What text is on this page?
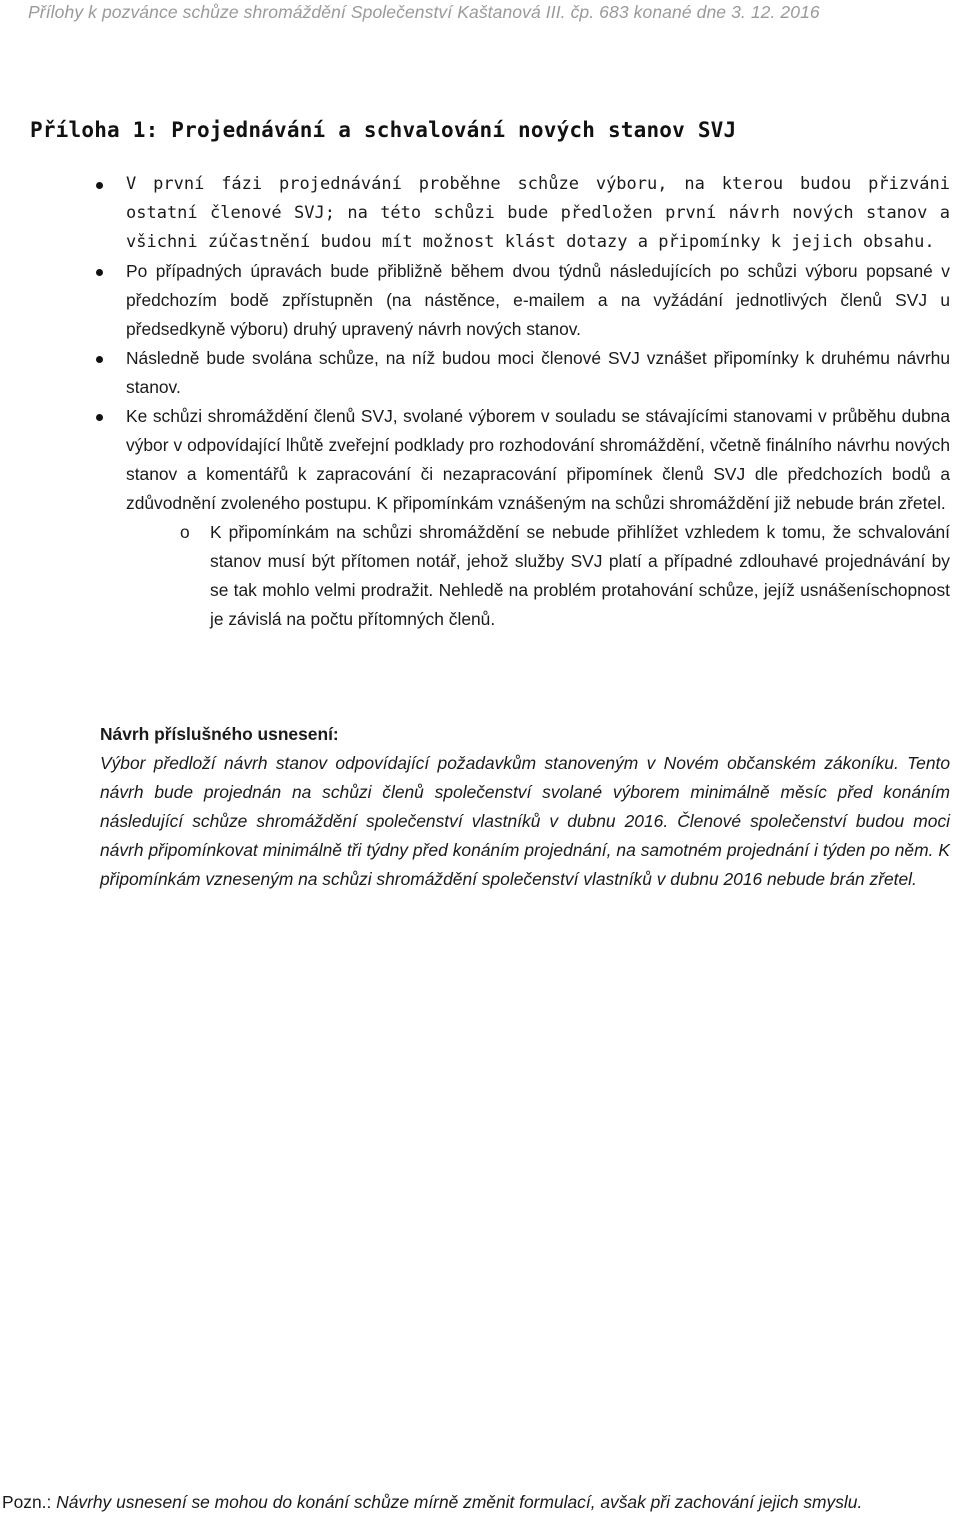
Přílohy k pozvánce schůze shromáždění Společenství Kaštanová III. čp. 683 konané dne 3. 12. 2016
Příloha 1: Projednávání a schvalování nových stanov SVJ
V první fázi projednávání proběhne schůze výboru, na kterou budou přizváni ostatní členové SVJ; na této schůzi bude předložen první návrh nových stanov a všichni zúčastnění budou mít možnost klást dotazy a připomínky k jejich obsahu.
Po případných úpravách bude přibližně během dvou týdnů následujících po schůzi výboru popsané v předchozím bodě zpřístupněn (na nástěnce, e-mailem a na vyžádání jednotlivých členů SVJ u předsedkyně výboru) druhý upravený návrh nových stanov.
Následně bude svolána schůze, na níž budou moci členové SVJ vznášet připomínky k druhému návrhu stanov.
Ke schůzi shromáždění členů SVJ, svolané výborem v souladu se stávajícími stanovami v průběhu dubna výbor v odpovídající lhůtě zveřejní podklady pro rozhodování shromáždění, včetně finálního návrhu nových stanov a komentářů k zapracování či nezapracování připomínek členů SVJ dle předchozích bodů a zdůvodnění zvoleného postupu. K připomínkám vznášeným na schůzi shromáždění již nebude brán zřetel.
o K připomínkám na schůzi shromáždění se nebude přihlížet vzhledem k tomu, že schvalování stanov musí být přítomen notář, jehož služby SVJ platí a případné zdlouhavé projednávání by se tak mohlo velmi prodražit. Nehledě na problém protahování schůze, jejíž usnášeníschopnost je závislá na počtu přítomných členů.
Návrh příslušného usnesení:
Výbor předloží návrh stanov odpovídající požadavkům stanoveným v Novém občanském zákoníku. Tento návrh bude projednán na schůzi členů společenství svolané výborem minimálně měsíc před konáním následující schůze shromáždění společenství vlastníků v dubnu 2016. Členové společenství budou moci návrh připomínkovat minimálně tři týdny před konáním projednání, na samotném projednání i týden po něm. K připomínkám vzneseným na schůzi shromáždění společenství vlastníků v dubnu 2016 nebude brán zřetel.
Pozn.: Návrhy usnesení se mohou do konání schůze mírně změnit formulací, avšak při zachování jejich smyslu.
